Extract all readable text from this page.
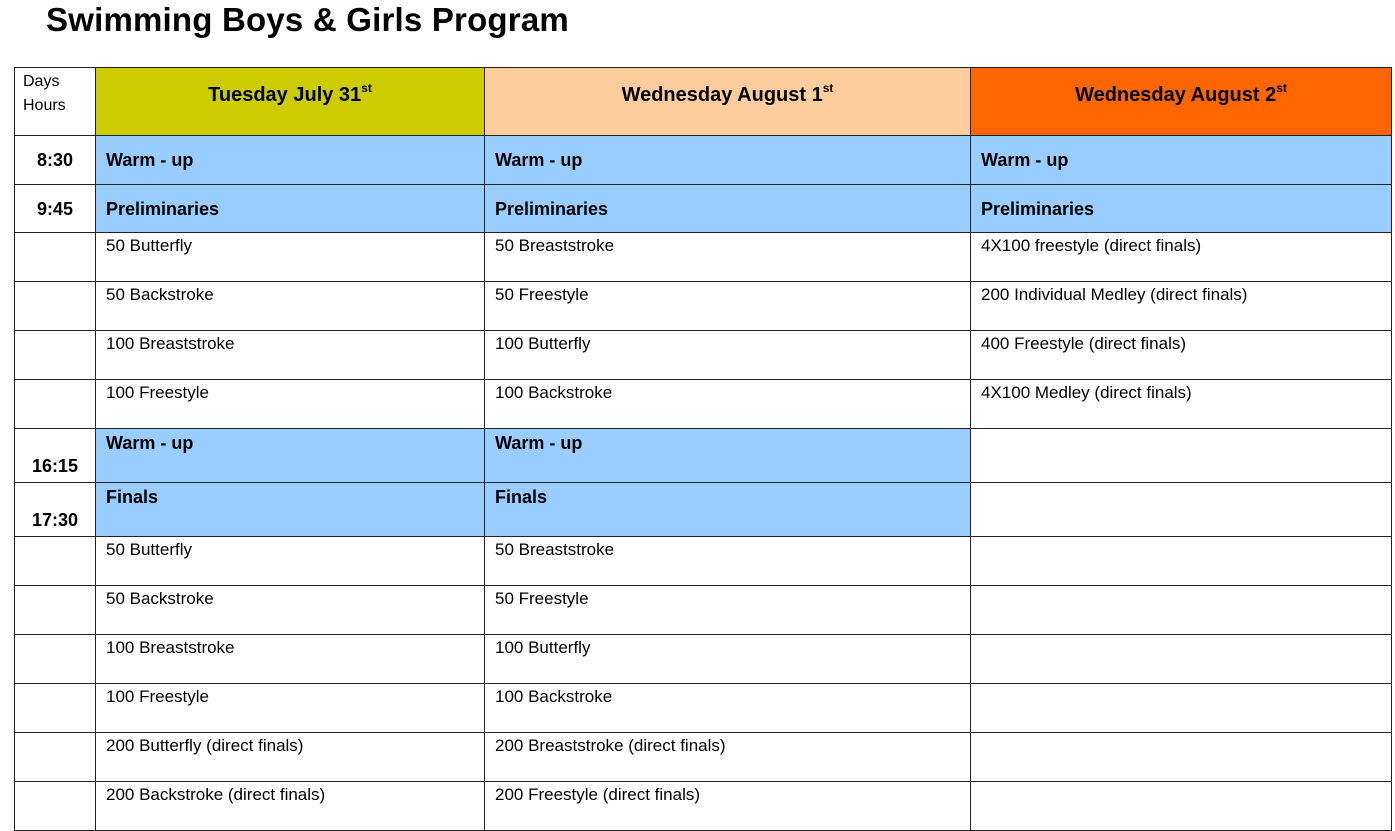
Swimming Boys & Girls Program
Days
Hours	Tuesday July 31st	Wednesday August 1st	Wednesday August 2st
8:30	Warm - up	Warm - up	Warm - up
9:45	Preliminaries	Preliminaries	Preliminaries
	50 Butterfly	50 Breaststroke	4X100 freestyle (direct finals)
	50 Backstroke	50 Freestyle	200 Individual Medley (direct finals)
	100 Breaststroke	100 Butterfly	400 Freestyle (direct finals)
	100 Freestyle	100 Backstroke	4X100 Medley (direct finals)
16:15	Warm - up	Warm - up	
17:30	Finals	Finals	
	50 Butterfly	50 Breaststroke	
	50 Backstroke	50 Freestyle	
	100 Breaststroke	100 Butterfly	
	100 Freestyle	100 Backstroke	
	200 Butterfly (direct finals)	200 Breaststroke (direct finals)	
	200 Backstroke (direct finals)	200 Freestyle (direct finals)	
